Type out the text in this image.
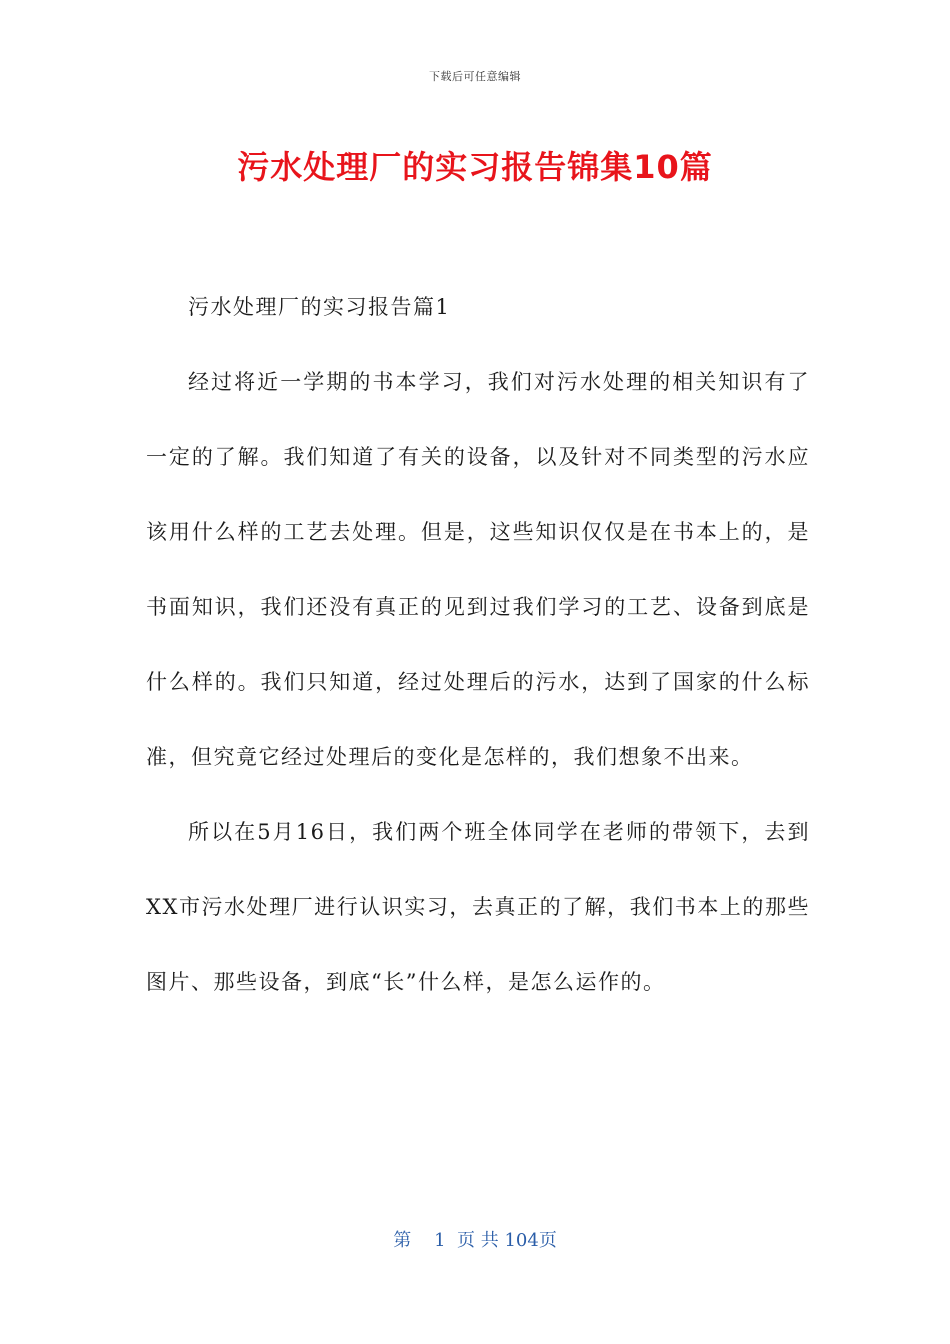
下载后可任意编辑
污水处理厂的实习报告锦集10篇

污水处理厂的实习报告篇1

经过将近一学期的书本学习，我们对污水处理的相关知识有了一定的了解。我们知道了有关的设备，以及针对不同类型的污水应该用什么样的工艺去处理。但是，这些知识仅仅是在书本上的，是书面知识，我们还没有真正的见到过我们学习的工艺、设备到底是什么样的。我们只知道，经过处理后的污水，达到了国家的什么标准，但究竟它经过处理后的变化是怎样的，我们想象不出来。

所以在5月16日，我们两个班全体同学在老师的带领下，去到XX市污水处理厂进行认识实习，去真正的了解，我们书本上的那些图片、那些设备，到底“长”什么样，是怎么运作的。

第 1 页 共 104页
